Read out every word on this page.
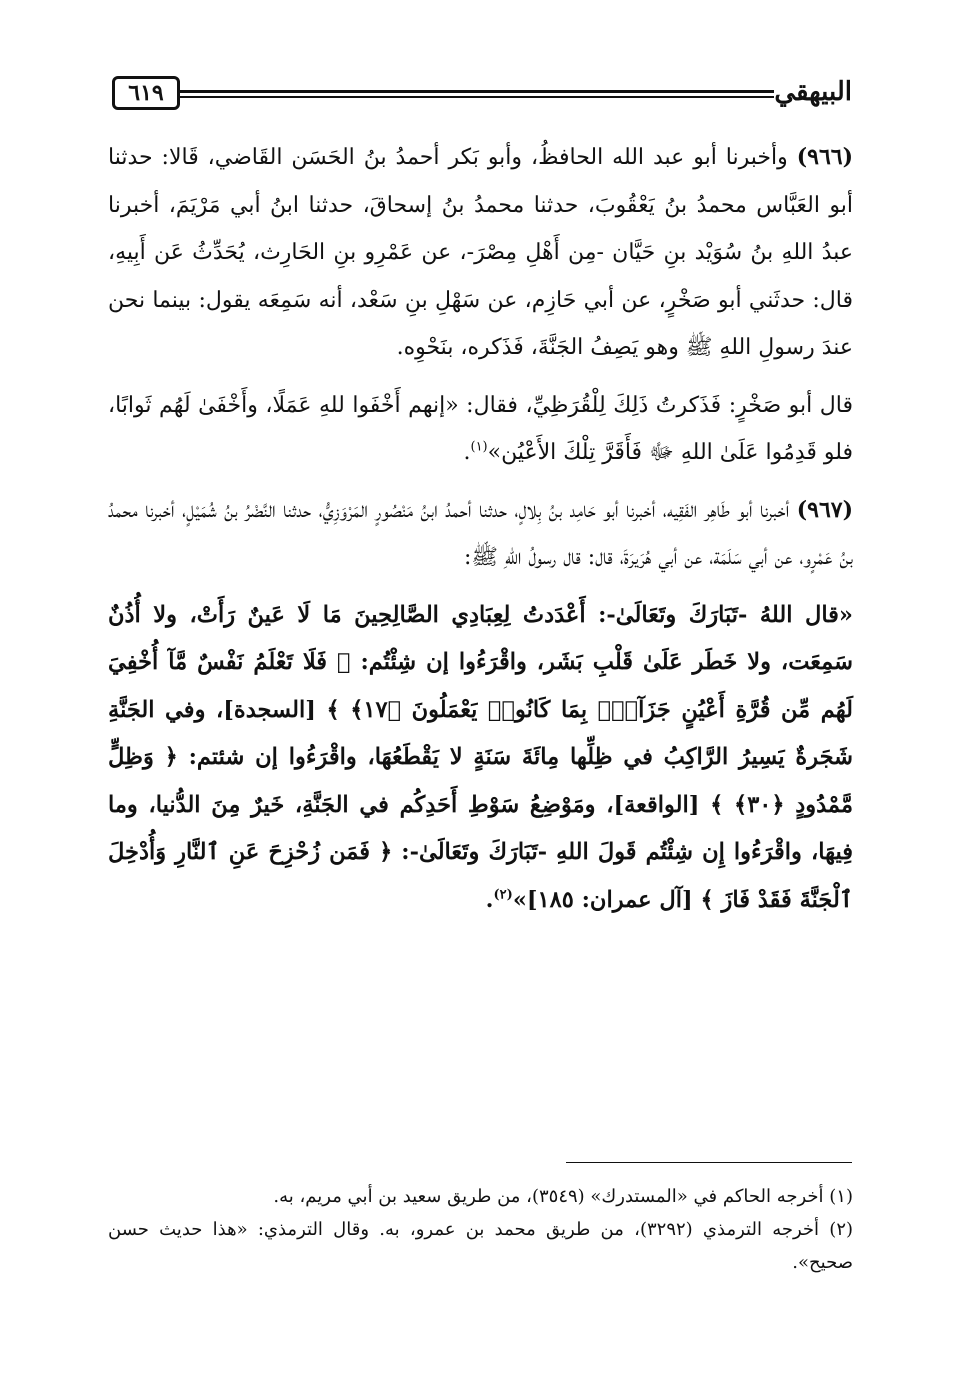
٦١٩	البيهقي

(٩٦٦) وأخبرنا أبو عبد الله الحافظُ، وأبو بَكر أحمدُ بنُ الحَسَن القَاضي، قَالا: حدثنا أبو العَبَّاس محمدُ بنُ يَعْقُوبَ، حدثنا محمدُ بنُ إسحاقَ، حدثنا ابنُ أبي مَرْيَمَ، أخبرنا عبدُ اللهِ بنُ سُوَيْد بنِ حَيَّان -مِن أَهْلِ مِصْرَ-، عن عَمْرِو بنِ الحَارِث، يُحَدِّثُ عَن أَبِيهِ، قال: حدثَني أبو صَخْرٍ، عن أبي حَازِم، عن سَهْلِ بنِ سَعْد، أنه سَمِعَه يقول: بينما نحن عندَ رسولِ اللهِ ﷺ وهو يَصِفُ الجَنَّةَ، فَذَكره، بنَحْوِه.

قال أبو صَخْرٍ: فَذَكرتُ ذَلِكَ لِلْقُرَظِيِّ، فقال: «إنهم أَخْفَوا للهِ عَمَلًا، وأَخْفَىٰ لَهُم ثَوابًا، فلو قَدِمُوا عَلَىٰ اللهِ ﷻ فَأَقَرَّ تِلْكَ الأَعْيُن»$^{(١)}$.

(٩٦٧) أخبرنا أبو طَاهِر الفَقِيه، أخبرنا أبو حَامِد بنُ بِلالٍ، حدثنا أحمدُ ابنُ مَنْصُورٍ المَرْوَزِيُّ، حدثنا النَّضْرُ بنُ شُمَيْلٍ، أخبرنا محمدُ بنُ عَمْرٍو، عن أبي سَلَمَة، عن أبي هُرَيرَةَ، قال: قال رسولُ اللهِ ﷺ:

«قال اللهُ -تَبَارَكَ وتَعَالَىٰ-: أَعْدَدتُ لِعِبَادِي الصَّالِحِينَ مَا لَا عَينٌ رَأَتْ، ولا أُذُنٌ سَمِعَت، ولا خَطَر عَلَىٰ قَلْبِ بَشَر، واقْرَءُوا إن شِئْتُم: ﴿ فَلَا تَعْلَمُ نَفْسٌ مَّآ أُخْفِيَ لَهُم مِّن قُرَّةِ أَعْيُنٍ جَزَآءًۢ بِمَا كَانُوا۟ يَعْمَلُونَ ﴿١٧﴾ ﴾ [السجدة]، وفي الجَنَّةِ شَجَرةٌ يَسِيرُ الرَّاكِبُ في ظِلِّها مِائَةَ سَنَةٍ لا يَقْطَعُهَا، واقْرَءُوا إن شئتم: ﴿ وَظِلٍّ مَّمْدُودٍ ﴿٣٠﴾ ﴾ [الواقعة]، ومَوْضِعُ سَوْطِ أَحَدِكُم في الجَنَّةِ، خَيرٌ مِنَ الدُّنيا، وما فِيهَا، واقْرَءُوا إِن شِئْتُم قَولَ اللهِ -تَبَارَكَ وتَعَالَىٰ-: ﴿ فَمَن زُحْزِحَ عَنِ ٱلنَّارِ وَأُدْخِلَ ٱلْجَنَّةَ فَقَدْ فَازَ ﴾ [آل عمران: ١٨٥]»$^{(٢)}$.

(١) أخرجه الحاكم في «المستدرك» (٣٥٤٩)، من طريق سعيد بن أبي مريم، به.

(٢) أخرجه الترمذي (٣٢٩٢)، من طريق محمد بن عمرو، به. وقال الترمذي: «هذا حديث حسن صحيح».
